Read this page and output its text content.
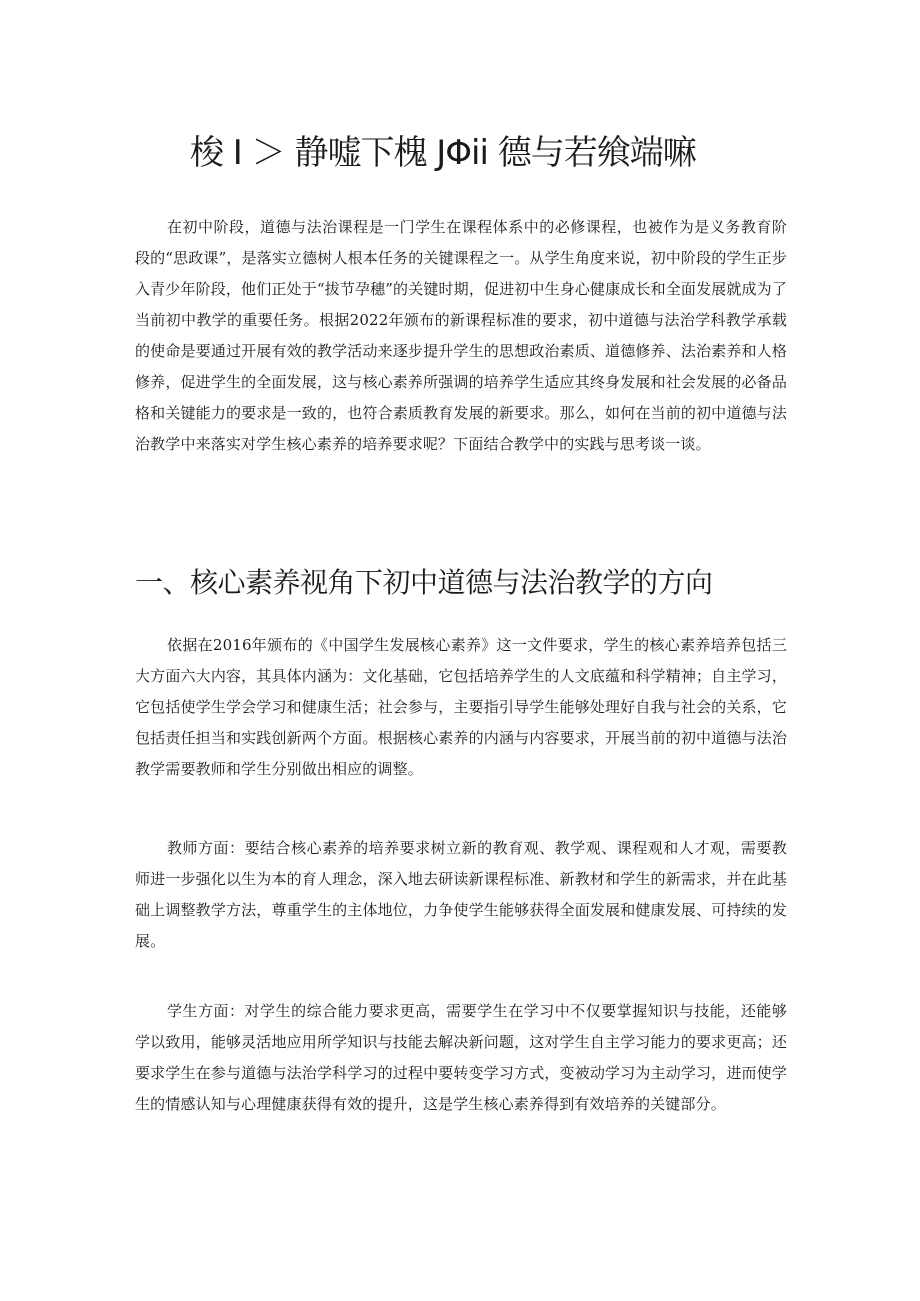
梭 I ＞ 静嘘下槐 JΦii 德与若飨端嘛

在初中阶段，道德与法治课程是一门学生在课程体系中的必修课程，也被作为是义务教育阶段的“思政课”，是落实立德树人根本任务的关键课程之一。从学生角度来说，初中阶段的学生正步入青少年阶段，他们正处于“拔节孕穗”的关键时期，促进初中生身心健康成长和全面发展就成为了当前初中教学的重要任务。根据2022年颁布的新课程标准的要求，初中道德与法治学科教学承载的使命是要通过开展有效的教学活动来逐步提升学生的思想政治素质、道德修养、法治素养和人格修养，促进学生的全面发展，这与核心素养所强调的培养学生适应其终身发展和社会发展的必备品格和关键能力的要求是一致的，也符合素质教育发展的新要求。那么，如何在当前的初中道德与法治教学中来落实对学生核心素养的培养要求呢？下面结合教学中的实践与思考谈一谈。

一、核心素养视角下初中道德与法治教学的方向

依据在2016年颁布的《中国学生发展核心素养》这一文件要求，学生的核心素养培养包括三大方面六大内容，其具体内涵为：文化基础，它包括培养学生的人文底蕴和科学精神；自主学习，它包括使学生学会学习和健康生活；社会参与，主要指引导学生能够处理好自我与社会的关系，它包括责任担当和实践创新两个方面。根据核心素养的内涵与内容要求，开展当前的初中道德与法治教学需要教师和学生分别做出相应的调整。

教师方面：要结合核心素养的培养要求树立新的教育观、教学观、课程观和人才观，需要教师进一步强化以生为本的育人理念，深入地去研读新课程标准、新教材和学生的新需求，并在此基础上调整教学方法，尊重学生的主体地位，力争使学生能够获得全面发展和健康发展、可持续的发展。

学生方面：对学生的综合能力要求更高，需要学生在学习中不仅要掌握知识与技能，还能够学以致用，能够灵活地应用所学知识与技能去解决新问题，这对学生自主学习能力的要求更高；还要求学生在参与道德与法治学科学习的过程中要转变学习方式，变被动学习为主动学习，进而使学生的情感认知与心理健康获得有效的提升，这是学生核心素养得到有效培养的关键部分。
